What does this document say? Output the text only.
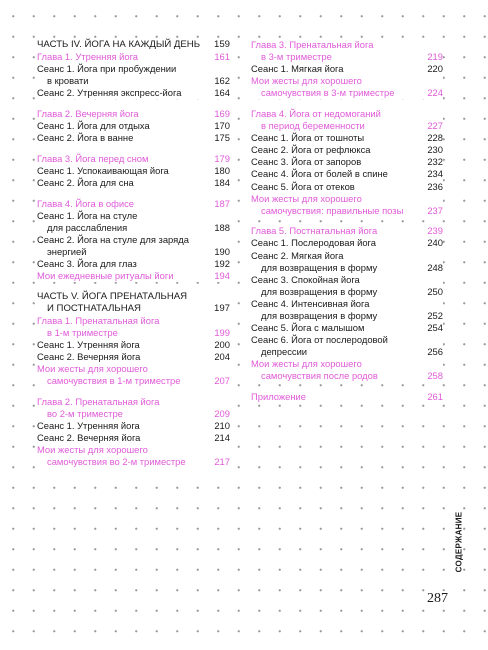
ЧАСТЬ IV. ЙОГА НА КАЖДЫЙ ДЕНЬ	159
Глава 1. Утренняя йога	161
Сеанс 1. Йога при пробуждении
в кровати	162
Сеанс 2. Утренняя экспресс-йога	164
Глава 2. Вечерняя йога	169
Сеанс 1. Йога для отдыха	170
Сеанс 2. Йога в ванне	175
Глава 3. Йога перед сном	179
Сеанс 1. Успокаивающая йога	180
Сеанс 2. Йога для сна	184
Глава 4. Йога в офисе	187
Сеанс 1. Йога на стуле
для расслабления	188
Сеанс 2. Йога на стуле для заряда
энергией	190
Сеанс 3. Йога для глаз	192
Мои ежедневные ритуалы йоги	194
ЧАСТЬ V. ЙОГА ПРЕНАТАЛЬНАЯ
И ПОСТНАТАЛЬНАЯ	197
Глава 1. Пренатальная йога
в 1-м триместре	199
Сеанс 1. Утренняя йога	200
Сеанс 2. Вечерняя йога	204
Мои жесты для хорошего
самочувствия в 1-м триместре	207
Глава 2. Пренатальная йога
во 2-м триместре	209
Сеанс 1. Утренняя йога	210
Сеанс 2. Вечерняя йога	214
Мои жесты для хорошего
самочувствия во 2-м триместре	217
Глава 3. Пренатальная йога
в 3-м триместре	219
Сеанс 1. Мягкая йога	220
Мои жесты для хорошего
самочувствия в 3-м триместре	224
Глава 4. Йога от недомоганий
в период беременности	227
Сеанс 1. Йога от тошноты	228
Сеанс 2. Йога от рефлюкса	230
Сеанс 3. Йога от запоров	232
Сеанс 4. Йога от болей в спине	234
Сеанс 5. Йога от отеков	236
Мои жесты для хорошего
самочувствия: правильные позы	237
Глава 5. Постнатальная йога	239
Сеанс 1. Послеродовая йога	240
Сеанс 2. Мягкая йога
для возвращения в форму	248
Сеанс 3. Спокойная йога
для возвращения в форму	250
Сеанс 4. Интенсивная йога
для возвращения в форму	252
Сеанс 5. Йога с малышом	254
Сеанс 6. Йога от послеродовой
депрессии	256
Мои жесты для хорошего
самочувствия после родов	258
Приложение	261
СОДЕРЖАНИЕ
287
